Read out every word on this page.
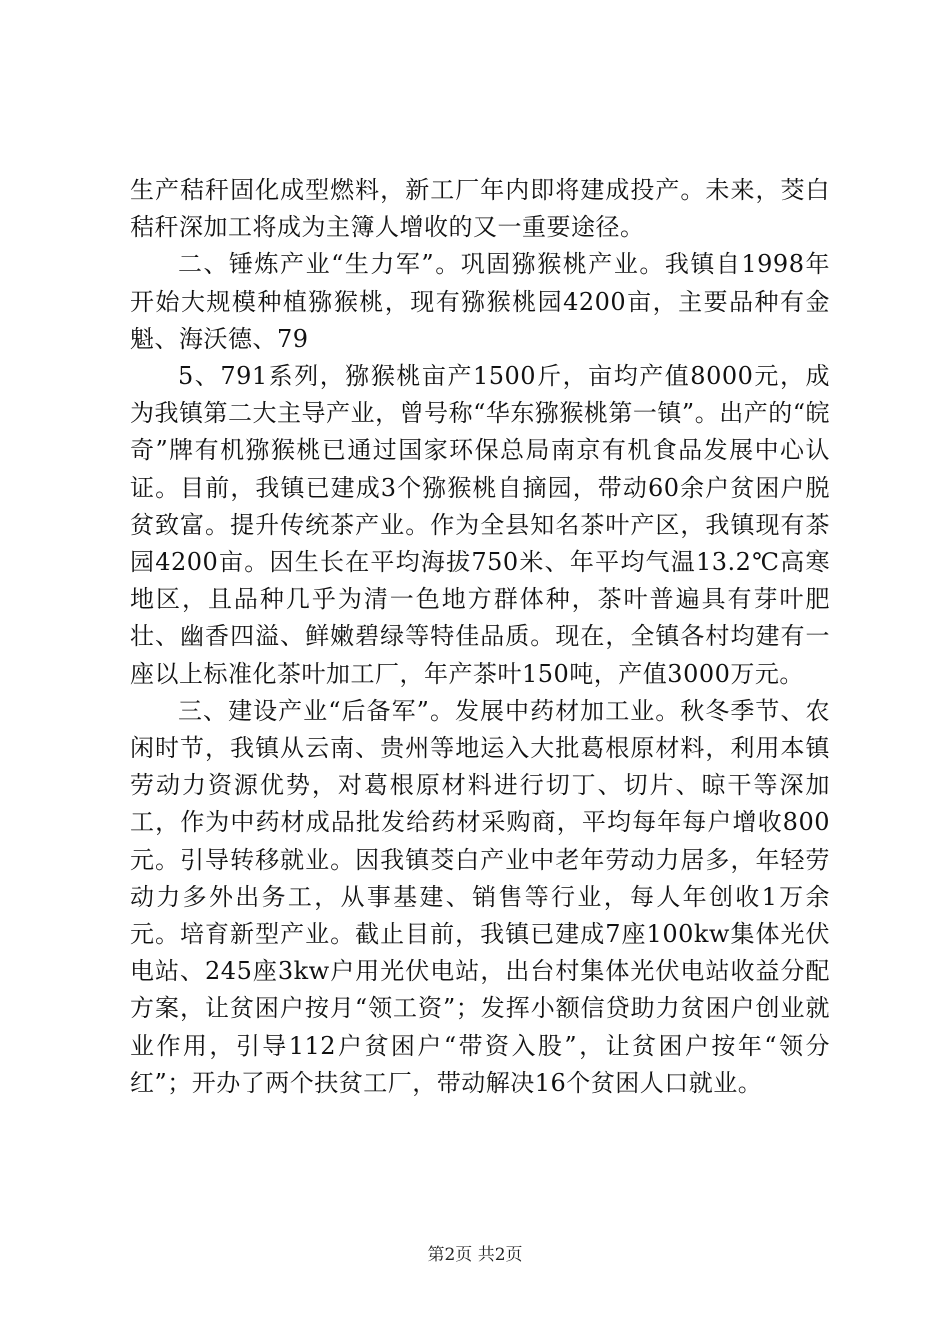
生产秸秆固化成型燃料，新工厂年内即将建成投产。未来，茭白秸秆深加工将成为主簿人增收的又一重要途径。

二、锤炼产业“生力军”。巩固猕猴桃产业。我镇自1998年开始大规模种植猕猴桃，现有猕猴桃园4200亩，主要品种有金魁、海沃德、79

5、791系列，猕猴桃亩产1500斤，亩均产值8000元，成为我镇第二大主导产业，曾号称“华东猕猴桃第一镇”。出产的“皖奇”牌有机猕猴桃已通过国家环保总局南京有机食品发展中心认证。目前，我镇已建成3个猕猴桃自摘园，带动60余户贫困户脱贫致富。提升传统茶产业。作为全县知名茶叶产区，我镇现有茶园4200亩。因生长在平均海拔750米、年平均气温13.2℃高寒地区，且品种几乎为清一色地方群体种，茶叶普遍具有芽叶肥壮、幽香四溢、鲜嫩碧绿等特佳品质。现在，全镇各村均建有一座以上标准化茶叶加工厂，年产茶叶150吨，产值3000万元。

三、建设产业“后备军”。发展中药材加工业。秋冬季节、农闲时节，我镇从云南、贵州等地运入大批葛根原材料，利用本镇劳动力资源优势，对葛根原材料进行切丁、切片、晾干等深加工，作为中药材成品批发给药材采购商，平均每年每户增收800元。引导转移就业。因我镇茭白产业中老年劳动力居多，年轻劳动力多外出务工，从事基建、销售等行业，每人年创收1万余元。培育新型产业。截止目前，我镇已建成7座100kw集体光伏电站、245座3kw户用光伏电站，出台村集体光伏电站收益分配方案，让贫困户按月“领工资”；发挥小额信贷助力贫困户创业就业作用，引导112户贫困户“带资入股”，让贫困户按年“领分红”；开办了两个扶贫工厂，带动解决16个贫困人口就业。

第2页 共2页
